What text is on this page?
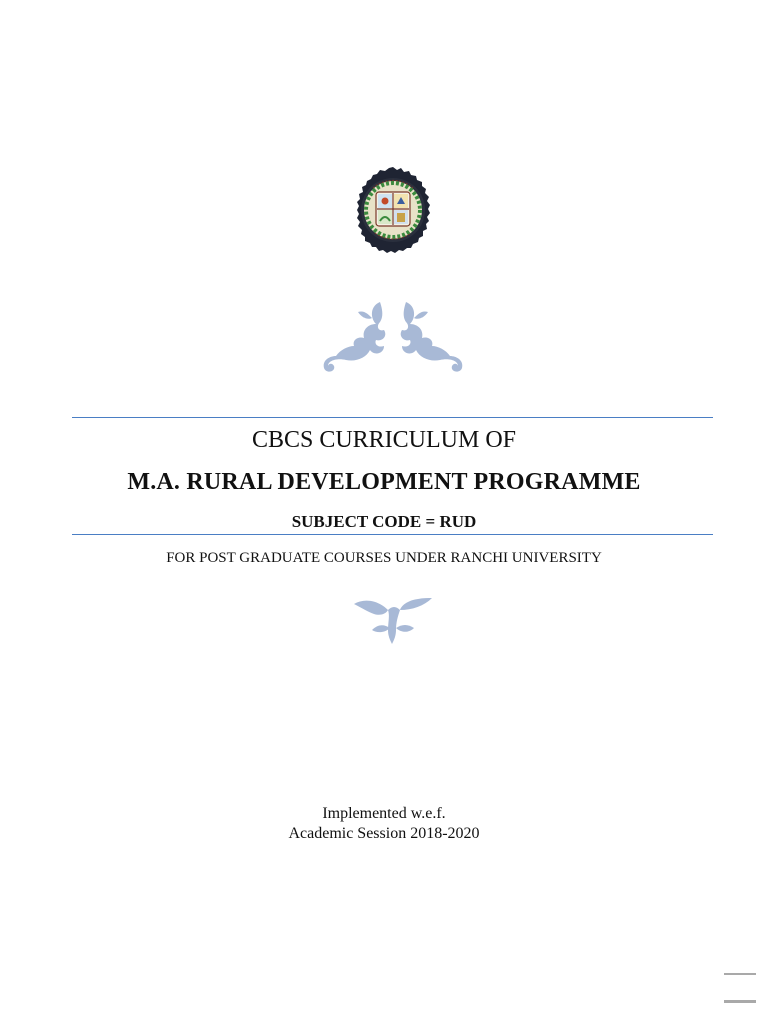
CBCS CURRICULUM OF
M.A. RURAL DEVELOPMENT PROGRAMME
SUBJECT CODE = RUD
FOR POST GRADUATE COURSES UNDER RANCHI UNIVERSITY
Implemented w.e.f.
Academic Session 2018-2020
